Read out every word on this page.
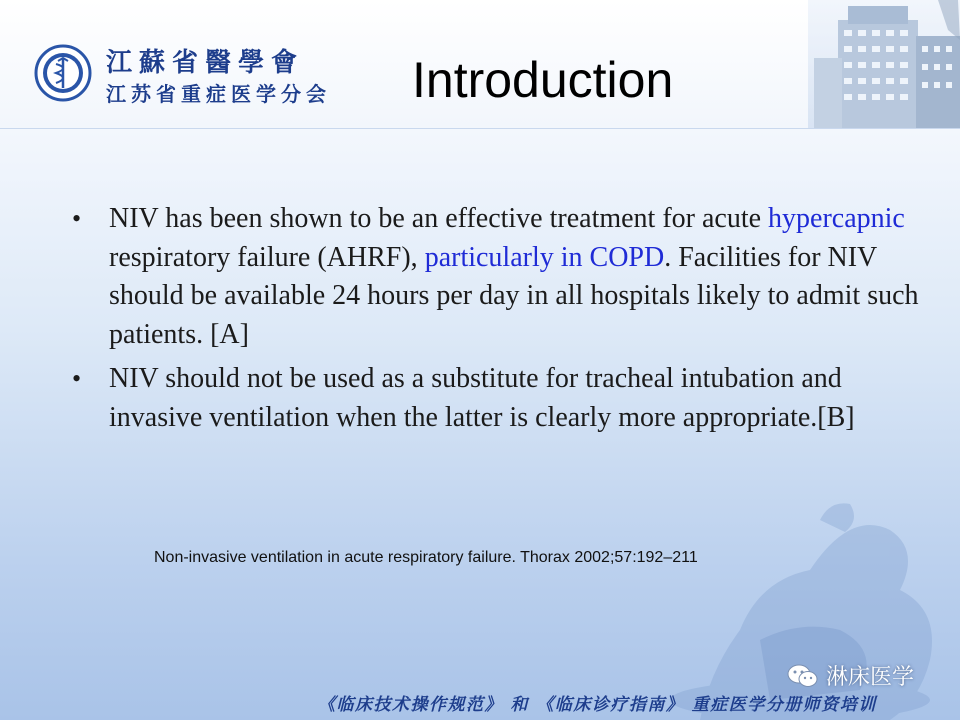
江蘇省醫學會
江苏省重症医学分会 Introduction
• NIV has been shown to be an effective treatment for acute hypercapnic respiratory failure (AHRF), particularly in COPD. Facilities for NIV should be available 24 hours per day in all hospitals likely to admit such patients. [A]
• NIV should not be used as a substitute for tracheal intubation and invasive ventilation when the latter is clearly more appropriate.[B]

Non-invasive ventilation in acute respiratory failure. Thorax 2002;57:192–211

淋床医学

《临床技术操作规范》 和 《临床诊疗指南》 重症医学分册师资培训
